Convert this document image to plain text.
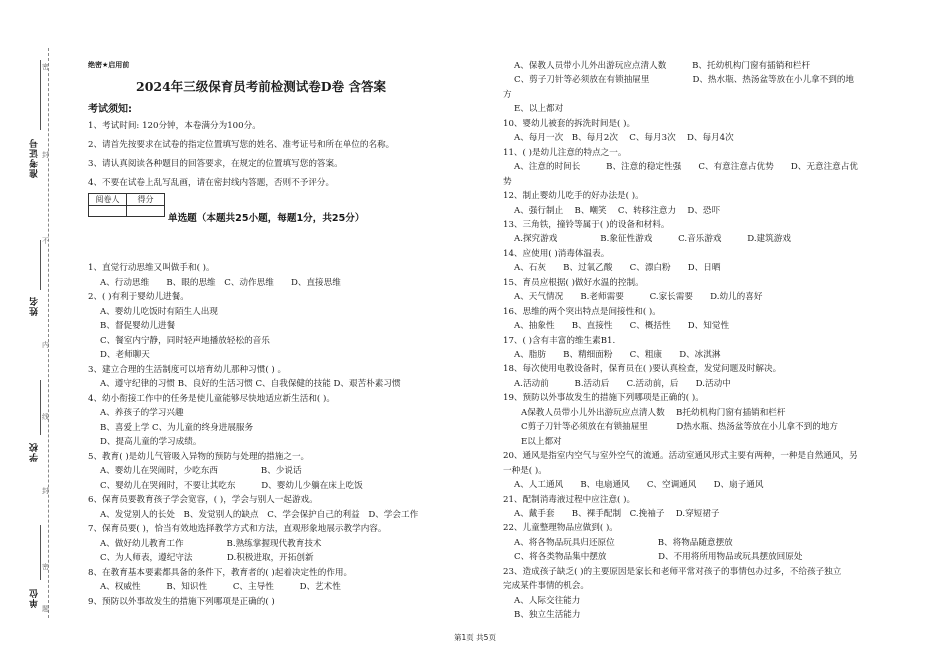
准考证号
姓名
学校
单位
密
封
不
内
线
封
密
题
绝密★启用前
2024年三级保育员考前检测试卷D卷 含答案
考试须知:
1、考试时间: 120分钟，本卷满分为100分。
2、请首先按要求在试卷的指定位置填写您的姓名、准考证号和所在单位的名称。
3、请认真阅读各种题目的回答要求，在规定的位置填写您的答案。
4、不要在试卷上乱写乱画，请在密封线内答题，否则不予评分。
阅卷人	得分

单选题（本题共25小题，每题1分，共25分）
1、直觉行动思维又叫做手和( )。
A、行动思维　　B、眼的思维　C、动作思维　　D、直接思维
2、( )有利于婴幼儿进餐。
A、婴幼儿吃饭时有陌生人出现
B、督促婴幼儿进餐
C、餐室内宁静，同时轻声地播放轻松的音乐
D、老师聊天
3、建立合理的生活制度可以培育幼儿那种习惯( ) 。
A、遵守纪律的习惯 B、良好的生活习惯 C、自我保健的技能 D、艰苦朴素习惯
4、幼小衔接工作中的任务是使儿童能够尽快地适应新生活和( )。
A、养孩子的学习兴趣
B、喜爱上学 C、为儿童的终身进展服务
D、提高儿童的学习成绩。
5、教育( )是幼儿气管吸入异物的预防与处理的措施之一。
A、婴幼儿在哭闹时，少吃东西　　　　　B、少说话
C、婴幼儿在哭闹时，不要让其吃东　　　D、婴幼儿少躺在床上吃饭
6、保育员要教育孩子学会宽容，( )，学会与别人一起游戏。
A、发觉别人的长处　B、发觉别人的缺点　C、学会保护自己的利益　D、学会工作
7、保育员要( )，恰当有效地选择教学方式和方法，直观形象地展示教学内容。
A、做好幼儿教育工作　　　　　B.熟练掌握现代教育技术
C、为人师表，遵纪守法　　　　D.积极进取，开拓创新
8、在教育基本要素都具备的条件下，教育者的( )起着决定性的作用。
A、权威性　　　B、知识性　　　C、主导性　　　D、艺术性
9、预防以外事故发生的措施下列哪项是正确的( )
A、保教人员带小儿外出游玩应点清人数　　　B、托幼机构门窗有插销和栏杆
C、剪子刀针等必须放在有锁抽屉里　　　　　D、热水瓶、热汤盆等放在小儿拿不到的地
方
E、以上都对
10、婴幼儿被套的拆洗时间是( )。
A、每月一次　B、每月2次　 C、每月3次　 D、每月4次
11、( )是幼儿注意的特点之一。
A、注意的时间长　　　B、注意的稳定性强　　C、有意注意占优势　　D、无意注意占优
势
12、制止婴幼儿吃手的好办法是( )。
A、强行制止　 B、嘲笑　 C、转移注意力　 D、恐吓
13、三角铁，撞铃等属于( )的设备和材料。
A.探究游戏　　　　　B.象征性游戏　　　C.音乐游戏　　　D.建筑游戏
14、应使用( )消毒体温表。
A、石灰　　B、过氧乙酸　　C、漂白粉　　D、日晒
15、育员应根据( )做好水温的控制。
A、天气情况　　B.老师需要　　　C.家长需要　　D.幼儿的喜好
16、思维的两个突出特点是间接性和( )。
A、抽象性　　B、直接性　　C、概括性　　D、知觉性
17、( )含有丰富的维生素B1.
A、脂肪　　B、精细面粉　　C、粗康　　D、冰淇淋
18、每次使用电教设备时，保育员在( )要认真检查，发觉问题及时解决。
A.活动前　　　B.活动后　　C.活动前，后　　D.活动中
19、预防以外事故发生的措施下列哪项是正确的( )。
A保教人员带小儿外出游玩应点清人数　 B托幼机构门窗有插销和栏杆
C剪子刀针等必须放在有锁抽屉里　　　 D热水瓶、热汤盆等放在小儿拿不到的地方
E以上都对
20、通风是指室内空气与室外空气的流通。活动室通风形式主要有两种，一种是自然通风，另
一种是( )。
A、人工通风　　B、电扇通风　　C、空调通风　　D、扇子通风
21、配制消毒液过程中应注意( )。
A、戴手套　　B、裸手配制　C.挽袖子　 D.穿短裙子
22、儿童整理物品应做到( )。
A、将各物品玩具归还原位　　　　　B、将物品随意摆放
C、将各类物品集中摆放　　　　　　D、不用将所用物品或玩具摆放回原处
23、造成孩子缺乏( )的主要原因是家长和老师平常对孩子的事情包办过多，不给孩子独立
完成某件事情的机会。
A、人际交往能力
B、独立生活能力
第1页 共5页
